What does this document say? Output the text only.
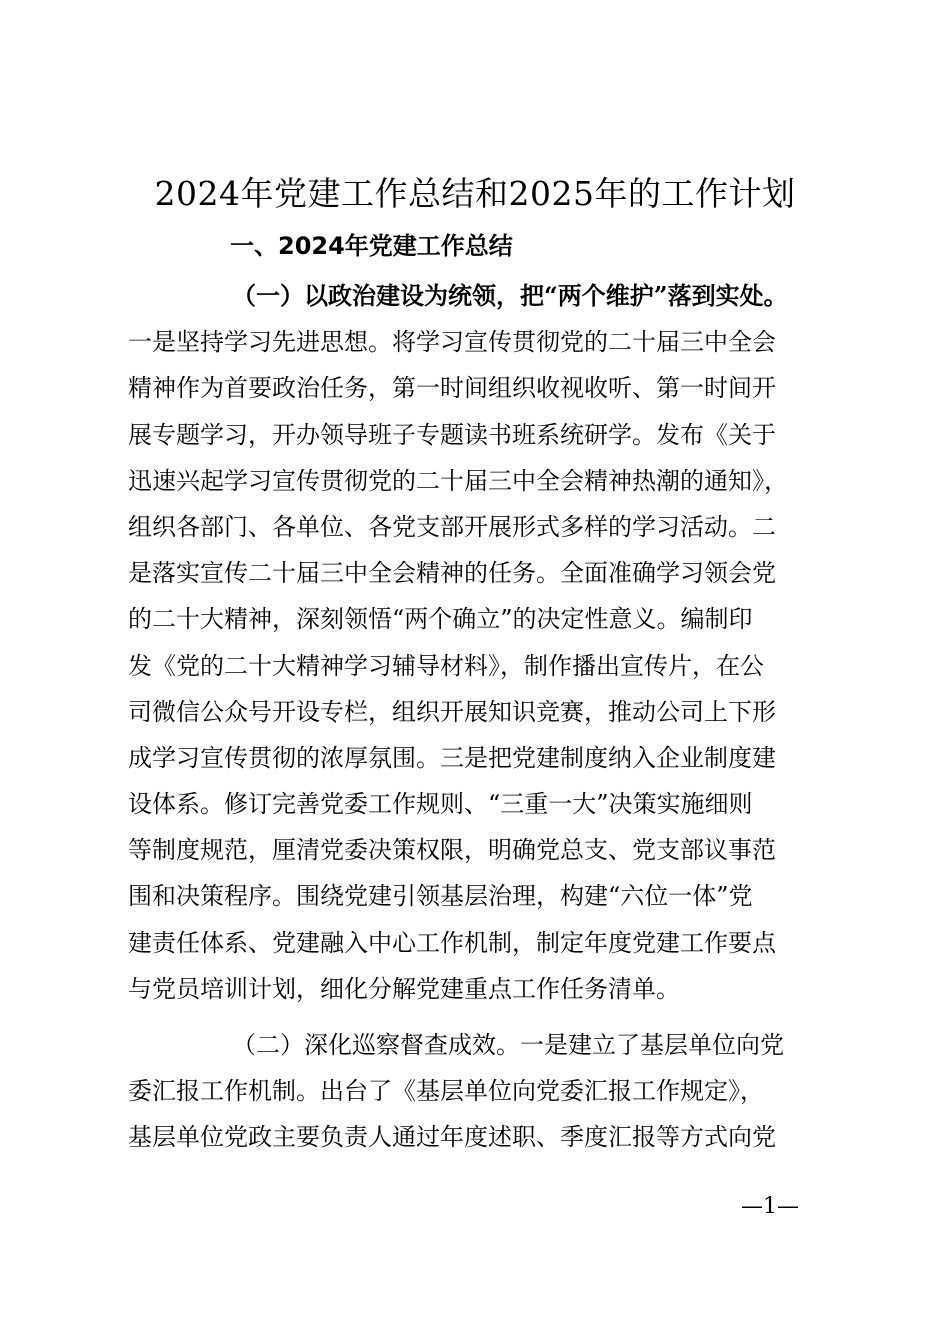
2024年党建工作总结和2025年的工作计划
一、2024年党建工作总结
（一）以政治建设为统领，把“两个维护”落到实处。
一是坚持学习先进思想。将学习宣传贯彻党的二十届三中全会
精神作为首要政治任务，第一时间组织收视收听、第一时间开
展专题学习，开办领导班子专题读书班系统研学。发布《关于
迅速兴起学习宣传贯彻党的二十届三中全会精神热潮的通知》，
组织各部门、各单位、各党支部开展形式多样的学习活动。二
是落实宣传二十届三中全会精神的任务。全面准确学习领会党
的二十大精神，深刻领悟“两个确立”的决定性意义。编制印
发《党的二十大精神学习辅导材料》，制作播出宣传片，在公
司微信公众号开设专栏，组织开展知识竞赛，推动公司上下形
成学习宣传贯彻的浓厚氛围。三是把党建制度纳入企业制度建
设体系。修订完善党委工作规则、“三重一大”决策实施细则
等制度规范，厘清党委决策权限，明确党总支、党支部议事范
围和决策程序。围绕党建引领基层治理，构建“六位一体”党
建责任体系、党建融入中心工作机制，制定年度党建工作要点
与党员培训计划，细化分解党建重点工作任务清单。
（二）深化巡察督查成效。一是建立了基层单位向党
委汇报工作机制。出台了《基层单位向党委汇报工作规定》，
基层单位党政主要负责人通过年度述职、季度汇报等方式向党
—1—
